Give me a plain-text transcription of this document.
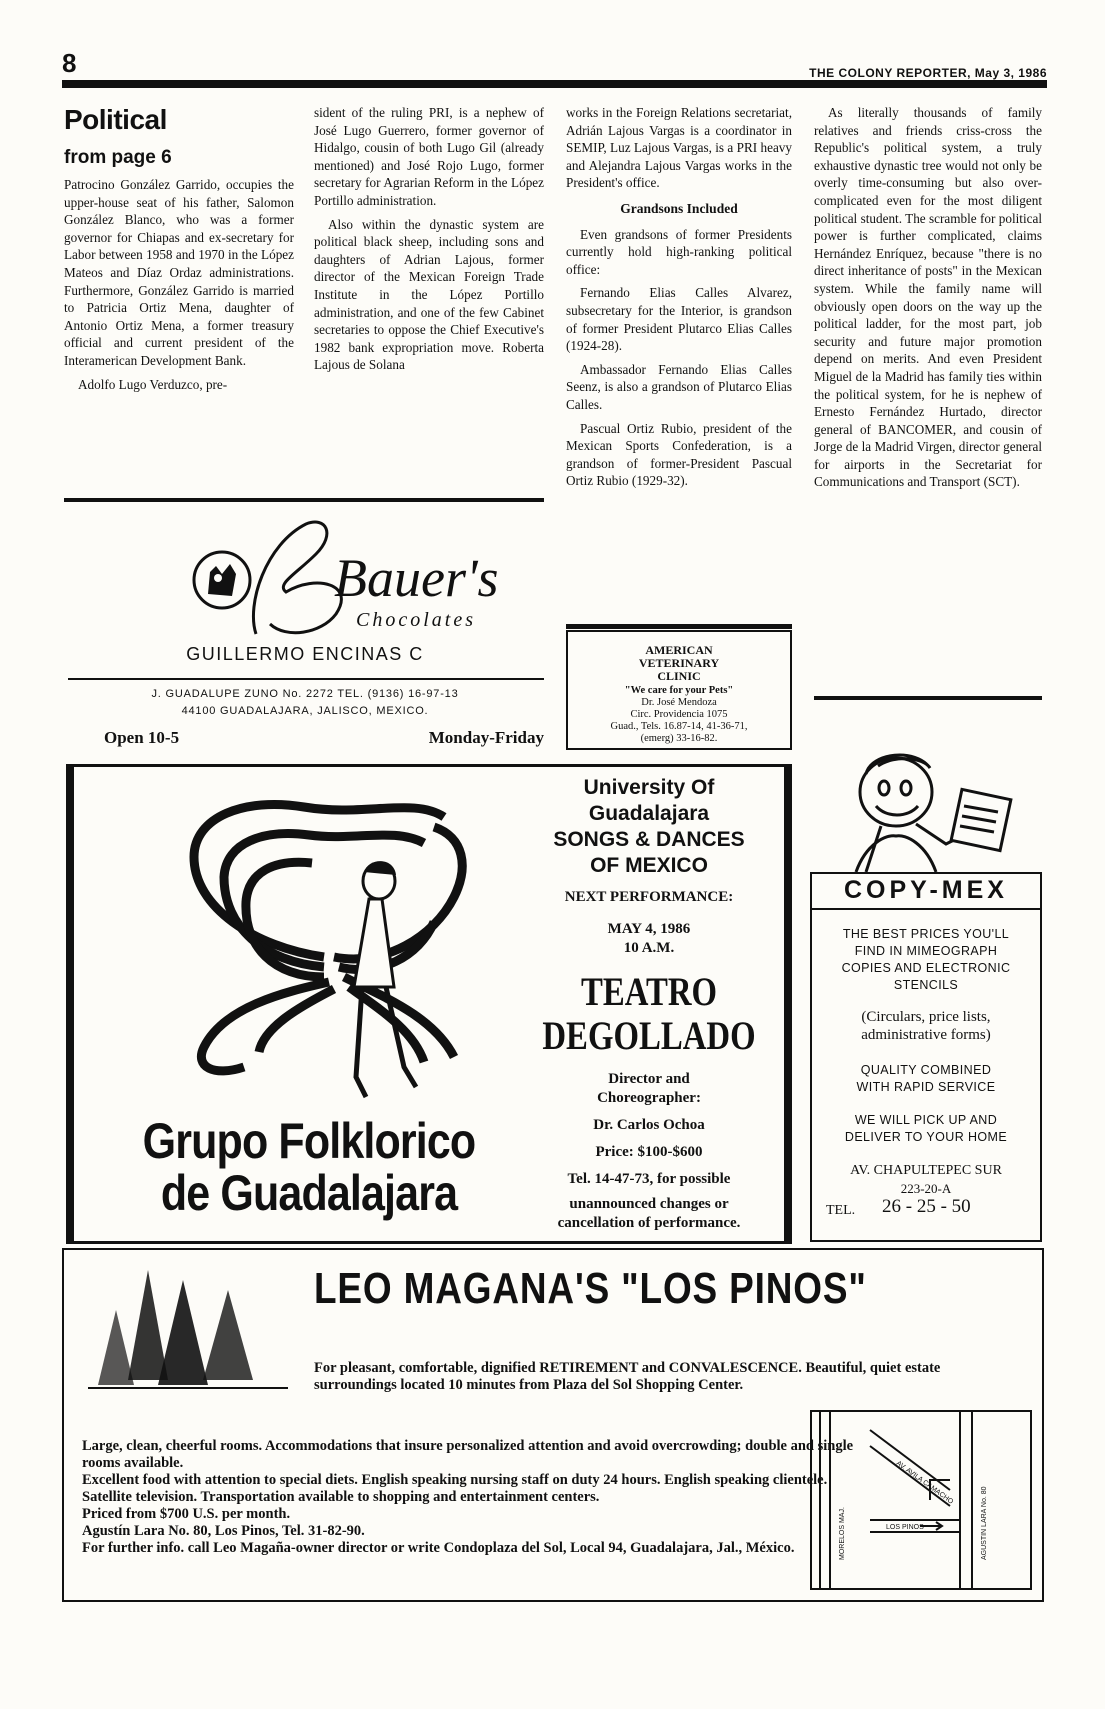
8	THE COLONY REPORTER, May 3, 1986
Political
from page 6

Patrocino González Garrido, occupies the upper-house seat of his father, Salomon González Blanco, who was a former governor for Chiapas and ex-secretary for Labor between 1958 and 1970 in the López Mateos and Díaz Ordaz administrations. Furthermore, González Garrido is married to Patricia Ortiz Mena, daughter of Antonio Ortiz Mena, a former treasury official and current president of the Interamerican Development Bank.

Adolfo Lugo Verduzco, pre-

sident of the ruling PRI, is a nephew of José Lugo Guerrero, former governor of Hidalgo, cousin of both Lugo Gil (already mentioned) and José Rojo Lugo, former secretary for Agrarian Reform in the López Portillo administration.

Also within the dynastic system are political black sheep, including sons and daughters of Adrian Lajous, former director of the Mexican Foreign Trade Institute in the López Portillo administration, and one of the few Cabinet secretaries to oppose the Chief Executive's 1982 bank expropriation move. Roberta Lajous de Solana

works in the Foreign Relations secretariat, Adrián Lajous Vargas is a coordinator in SEMIP, Luz Lajous Vargas, is a PRI heavy and Alejandra Lajous Vargas works in the President's office.

Grandsons Included

Even grandsons of former Presidents currently hold high-ranking political office:

Fernando Elias Calles Alvarez, subsecretary for the Interior, is grandson of former President Plutarco Elias Calles (1924-28).

Ambassador Fernando Elias Calles Seenz, is also a grandson of Plutarco Elias Calles.

Pascual Ortiz Rubio, president of the Mexican Sports Confederation, is a grandson of former-President Pascual Ortiz Rubio (1929-32).

As literally thousands of family relatives and friends criss-cross the Republic's political system, a truly exhaustive dynastic tree would not only be overly time-consuming but also over-complicated even for the most diligent political student. The scramble for political power is further complicated, claims Hernández Enríquez, because "there is no direct inheritance of posts" in the Mexican system. While the family name will obviously open doors on the way up the political ladder, for the most part, job security and future major promotion depend on merits. And even President Miguel de la Madrid has family ties within the political system, for he is nephew of Ernesto Fernández Hurtado, director general of BANCOMER, and cousin of Jorge de la Madrid Virgen, director general for airports in the Secretariat for Communications and Transport (SCT).

Bauer's
Chocolates
GUILLERMO ENCINAS C
J. GUADALUPE ZUNO No. 2272 TEL. (9136) 16-97-13
44100 GUADALAJARA, JALISCO, MEXICO.
Open 10-5	Monday-Friday
AMERICAN
VETERINARY
CLINIC
"We care for your Pets"
Dr. José Mendoza
Circ. Providencia 1075
Guad., Tels. 16.87-14, 41-36-71,
(emerg) 33-16-82.
Grupo Folklorico
de Guadalajara
University Of
Guadalajara
SONGS & DANCES
OF MEXICO
NEXT PERFORMANCE:
MAY 4, 1986
10 A.M.
TEATRO
DEGOLLADO
Director and
Choreographer:
Dr. Carlos Ochoa
Price: $100-$600
Tel. 14-47-73, for possible
unannounced changes or
cancellation of performance.
COPY-MEX
THE BEST PRICES YOU'LL
FIND IN MIMEOGRAPH
COPIES AND ELECTRONIC
STENCILS
(Circulars, price lists,
administrative forms)
QUALITY COMBINED
WITH RAPID SERVICE
WE WILL PICK UP AND
DELIVER TO YOUR HOME
AV. CHAPULTEPEC SUR
223-20-A
TEL. 26 - 25 - 50
LEO MAGANA'S "LOS PINOS"
For pleasant, comfortable, dignified RETIREMENT and CONVALESCENCE. Beautiful, quiet estate surroundings located 10 minutes from Plaza del Sol Shopping Center.

Large, clean, cheerful rooms. Accommodations that insure personalized attention and avoid overcrowding; double and single rooms available.

Excellent food with attention to special diets. English speaking nursing staff on duty 24 hours. English speaking clientele. Satellite television. Transportation available to shopping and entertainment centers.

Priced from $700 U.S. per month.

Agustín Lara No. 80, Los Pinos, Tel. 31-82-90.

For further info. call Leo Magaña-owner director or write Condoplaza del Sol, Local 94, Guadalajara, Jal., México.

AV. AVILA CAMACHO
LOS PINOS
MORELOS MAJ.	AGUSTIN LARA No. 80
